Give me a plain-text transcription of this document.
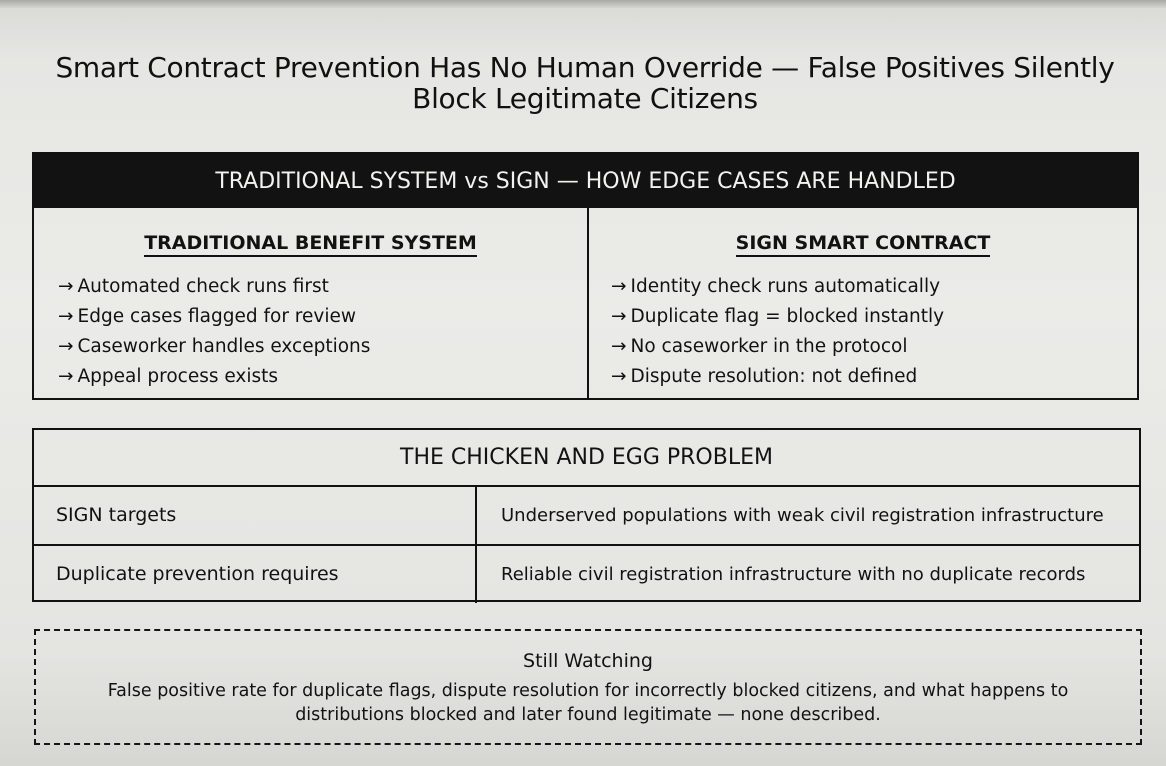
Smart Contract Prevention Has No Human Override — False Positives Silently Block Legitimate Citizens
TRADITIONAL SYSTEM vs SIGN — HOW EDGE CASES ARE HANDLED
TRADITIONAL BENEFIT SYSTEM
→ Automated check runs first
→ Edge cases flagged for review
→ Caseworker handles exceptions
→ Appeal process exists
SIGN SMART CONTRACT
→ Identity check runs automatically
→ Duplicate flag = blocked instantly
→ No caseworker in the protocol
→ Dispute resolution: not defined
THE CHICKEN AND EGG PROBLEM
SIGN targets	Underserved populations with weak civil registration infrastructure
Duplicate prevention requires	Reliable civil registration infrastructure with no duplicate records
Still Watching
False positive rate for duplicate flags, dispute resolution for incorrectly blocked citizens, and what happens to distributions blocked and later found legitimate — none described.
